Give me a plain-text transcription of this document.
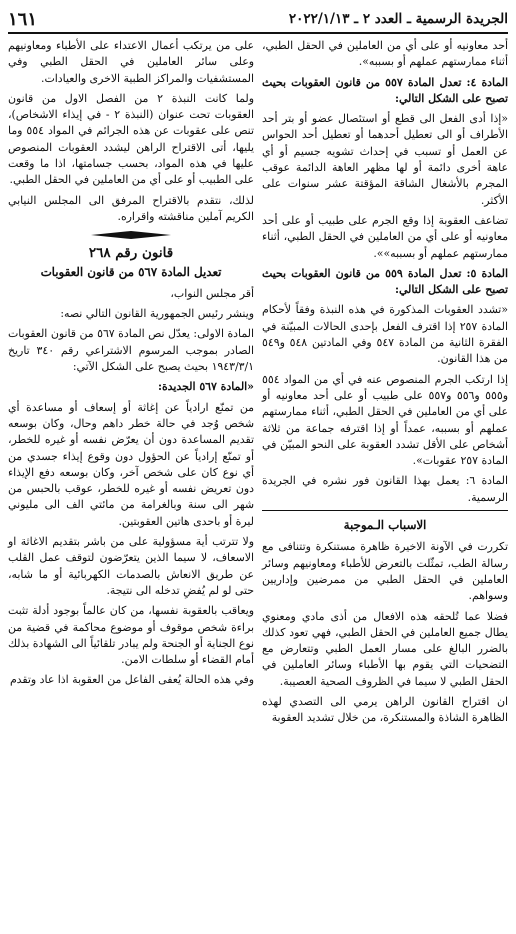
الجريدة الرسمية ـ العدد ٢ ـ ٢٠٢٢/١/١٣
١٦١

أحد معاونيه أو على أي من العاملين في الحقل الطبي، أثناء ممارستهم عملهم أو بسببه».

المادة ٤: تعدل المادة ٥٥٧ من قانون العقوبات بحيث تصبح على الشكل التالي:

«إذا أدى الفعل الى قطع أو استئصال عضو أو بتر أحد الأطراف أو الى تعطيل أحدهما أو تعطيل أحد الحواس عن العمل أو تسبب في إحداث تشويه جسيم أو أي عاهة أخرى دائمة أو لها مظهر العاهة الدائمة عوقب المجرم بالأشغال الشاقة المؤقتة عشر سنوات على الأكثر.

تضاعف العقوبة إذا وقع الجرم على طبيب أو على أحد معاونيه أو على أي من العاملين في الحقل الطبي، أثناء ممارستهم عملهم أو بسببه»».

المادة ٥: تعدل المادة ٥٥٩ من قانون العقوبات بحيث تصبح على الشكل التالي:

«تشدد العقوبات المذكورة في هذه النبذة وفقاً لأحكام المادة ٢٥٧ إذا اقترف الفعل بإحدى الحالات المبيّنة في الفقرة الثانية من المادة ٥٤٧ وفي المادتين ٥٤٨ و٥٤٩ من هذا القانون.

إذا ارتكب الجرم المنصوص عنه في أي من المواد ٥٥٤ و٥٥٥ و٥٥٦ و٥٥٧ على طبيب أو على أحد معاونيه أو على أي من العاملين في الحقل الطبي، أثناء ممارستهم عملهم أو بسببه، عمداً أو إذا اقترفه جماعة من ثلاثة أشخاص على الأقل تشدد العقوبة على النحو المبيّن في المادة ٢٥٧ عقوبات».

المادة ٦: يعمل بهذا القانون فور نشره في الجريدة الرسمية.

الاسباب الـموجبة

تكررت في الآونة الاخيرة ظاهرة مستنكرة وتتنافى مع رسالة الطب، تمثّلت بالتعرض للأطباء ومعاونيهم وسائر العاملين في الحقل الطبي من ممرضين وإداريين وسواهم.

فضلا عما تُلحقه هذه الافعال من أذى مادي ومعنوي يطال جميع العاملين في الحقل الطبي، فهي تعود كذلك بالضرر البالغ على مسار العمل الطبي وتتعارض مع التضحيات التي يقوم بها الأطباء وسائر العاملين في الحقل الطبي لا سيما في الظروف الصحية العصيبة.

ان اقتراح القانون الراهن يرمي الى التصدي لهذه الظاهرة الشاذة والمستنكرة، من خلال تشديد العقوبة

على من يرتكب أعمال الاعتداء على الأطباء ومعاونيهم وعلى سائر العاملين في الحقل الطبي وفي المستشفيات والمراكز الطبية الاخرى والعيادات.

ولما كانت النبذة ٢ من الفصل الاول من قانون العقوبات تحت عنوان (النبذة ٢ - في إيذاء الاشخاص)، تنص على عقوبات عن هذه الجرائم في المواد ٥٥٤ وما يليها، أتى الاقتراح الراهن ليشدد العقوبات المنصوص عليها في هذه المواد، بحسب جسامتها، اذا ما وقعت على الطبيب أو على أي من العاملين في الحقل الطبي.

لذلك، نتقدم بالاقتراح المرفق الى المجلس النيابي الكريم آملين مناقشته واقراره.

قانون رقم ٢٦٨
تعديل المادة ٥٦٧ من قانون العقوبات

أقر مجلس النواب،

وينشر رئيس الجمهورية القانون التالي نصه:

المادة الاولى: يعدّل نص المادة ٥٦٧ من قانون العقوبات الصادر بموجب المرسوم الاشتراعي رقم ٣٤٠ تاريخ ١٩٤٣/٣/١ بحيث يصبح على الشكل الآتي:

«المادة ٥٦٧ الجديدة:

من تمنّع ارادياً عن إغاثة أو إسعاف أو مساعدة أي شخص وُجد في حالة خطر داهم وحال، وكان بوسعه تقديم المساعدة دون أن يعرّض نفسه أو غيره للخطر، أو تمنّع إرادياً عن الحؤول دون وقوع إيذاء جسدي من أي نوع كان على شخص آخر، وكان بوسعه دفع الإيذاء دون تعريض نفسه أو غيره للخطر، عوقب بالحبس من شهر الى سنة وبالغرامة من مائتي الف الى مليوني ليرة أو باحدى هاتين العقوبتين.

ولا تترتب أية مسؤولية على من باشر بتقديم الاغاثة او الاسعاف، لا سيما الذين يتعرّضون لتوقف عمل القلب عن طريق الانعاش بالصدمات الكهربائية أو ما شابه، حتى لو لم يُفضِ تدخله الى نتيجة.

ويعاقب بالعقوبة نفسها، من كان عالماً بوجود أدلة تثبت براءة شخص موقوف أو موضوع محاكمة في قضية من نوع الجناية أو الجنحة ولم يبادر تلقائياً الى الشهادة بذلك أمام القضاء أو سلطات الامن.

وفي هذه الحالة يُعفى الفاعل من العقوبة اذا عاد وتقدم
